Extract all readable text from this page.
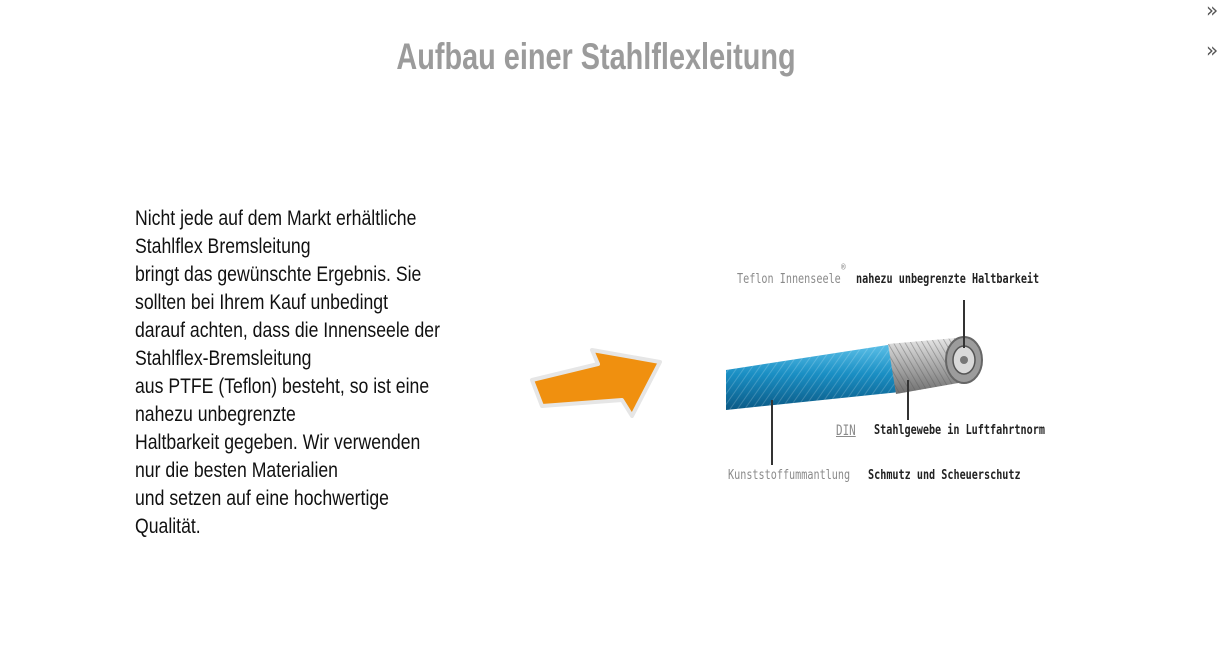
Aufbau einer Stahlflexleitung
»
»
Nicht jede auf dem Markt erhältliche
Stahlflex Bremsleitung
bringt das gewünschte Ergebnis. Sie
sollten bei Ihrem Kauf unbedingt
darauf achten, dass die Innenseele der
Stahlflex-Bremsleitung
aus PTFE (Teflon) besteht, so ist eine
nahezu unbegrenzte
Haltbarkeit gegeben. Wir verwenden
nur die besten Materialien
und setzen auf eine hochwertige
Qualität.
Teflon Innenseele
®
nahezu unbegrenzte Haltbarkeit
DIN Stahlgewebe in Luftfahrtnorm
Kunststoffummantlung Schmutz und Scheuerschutz
